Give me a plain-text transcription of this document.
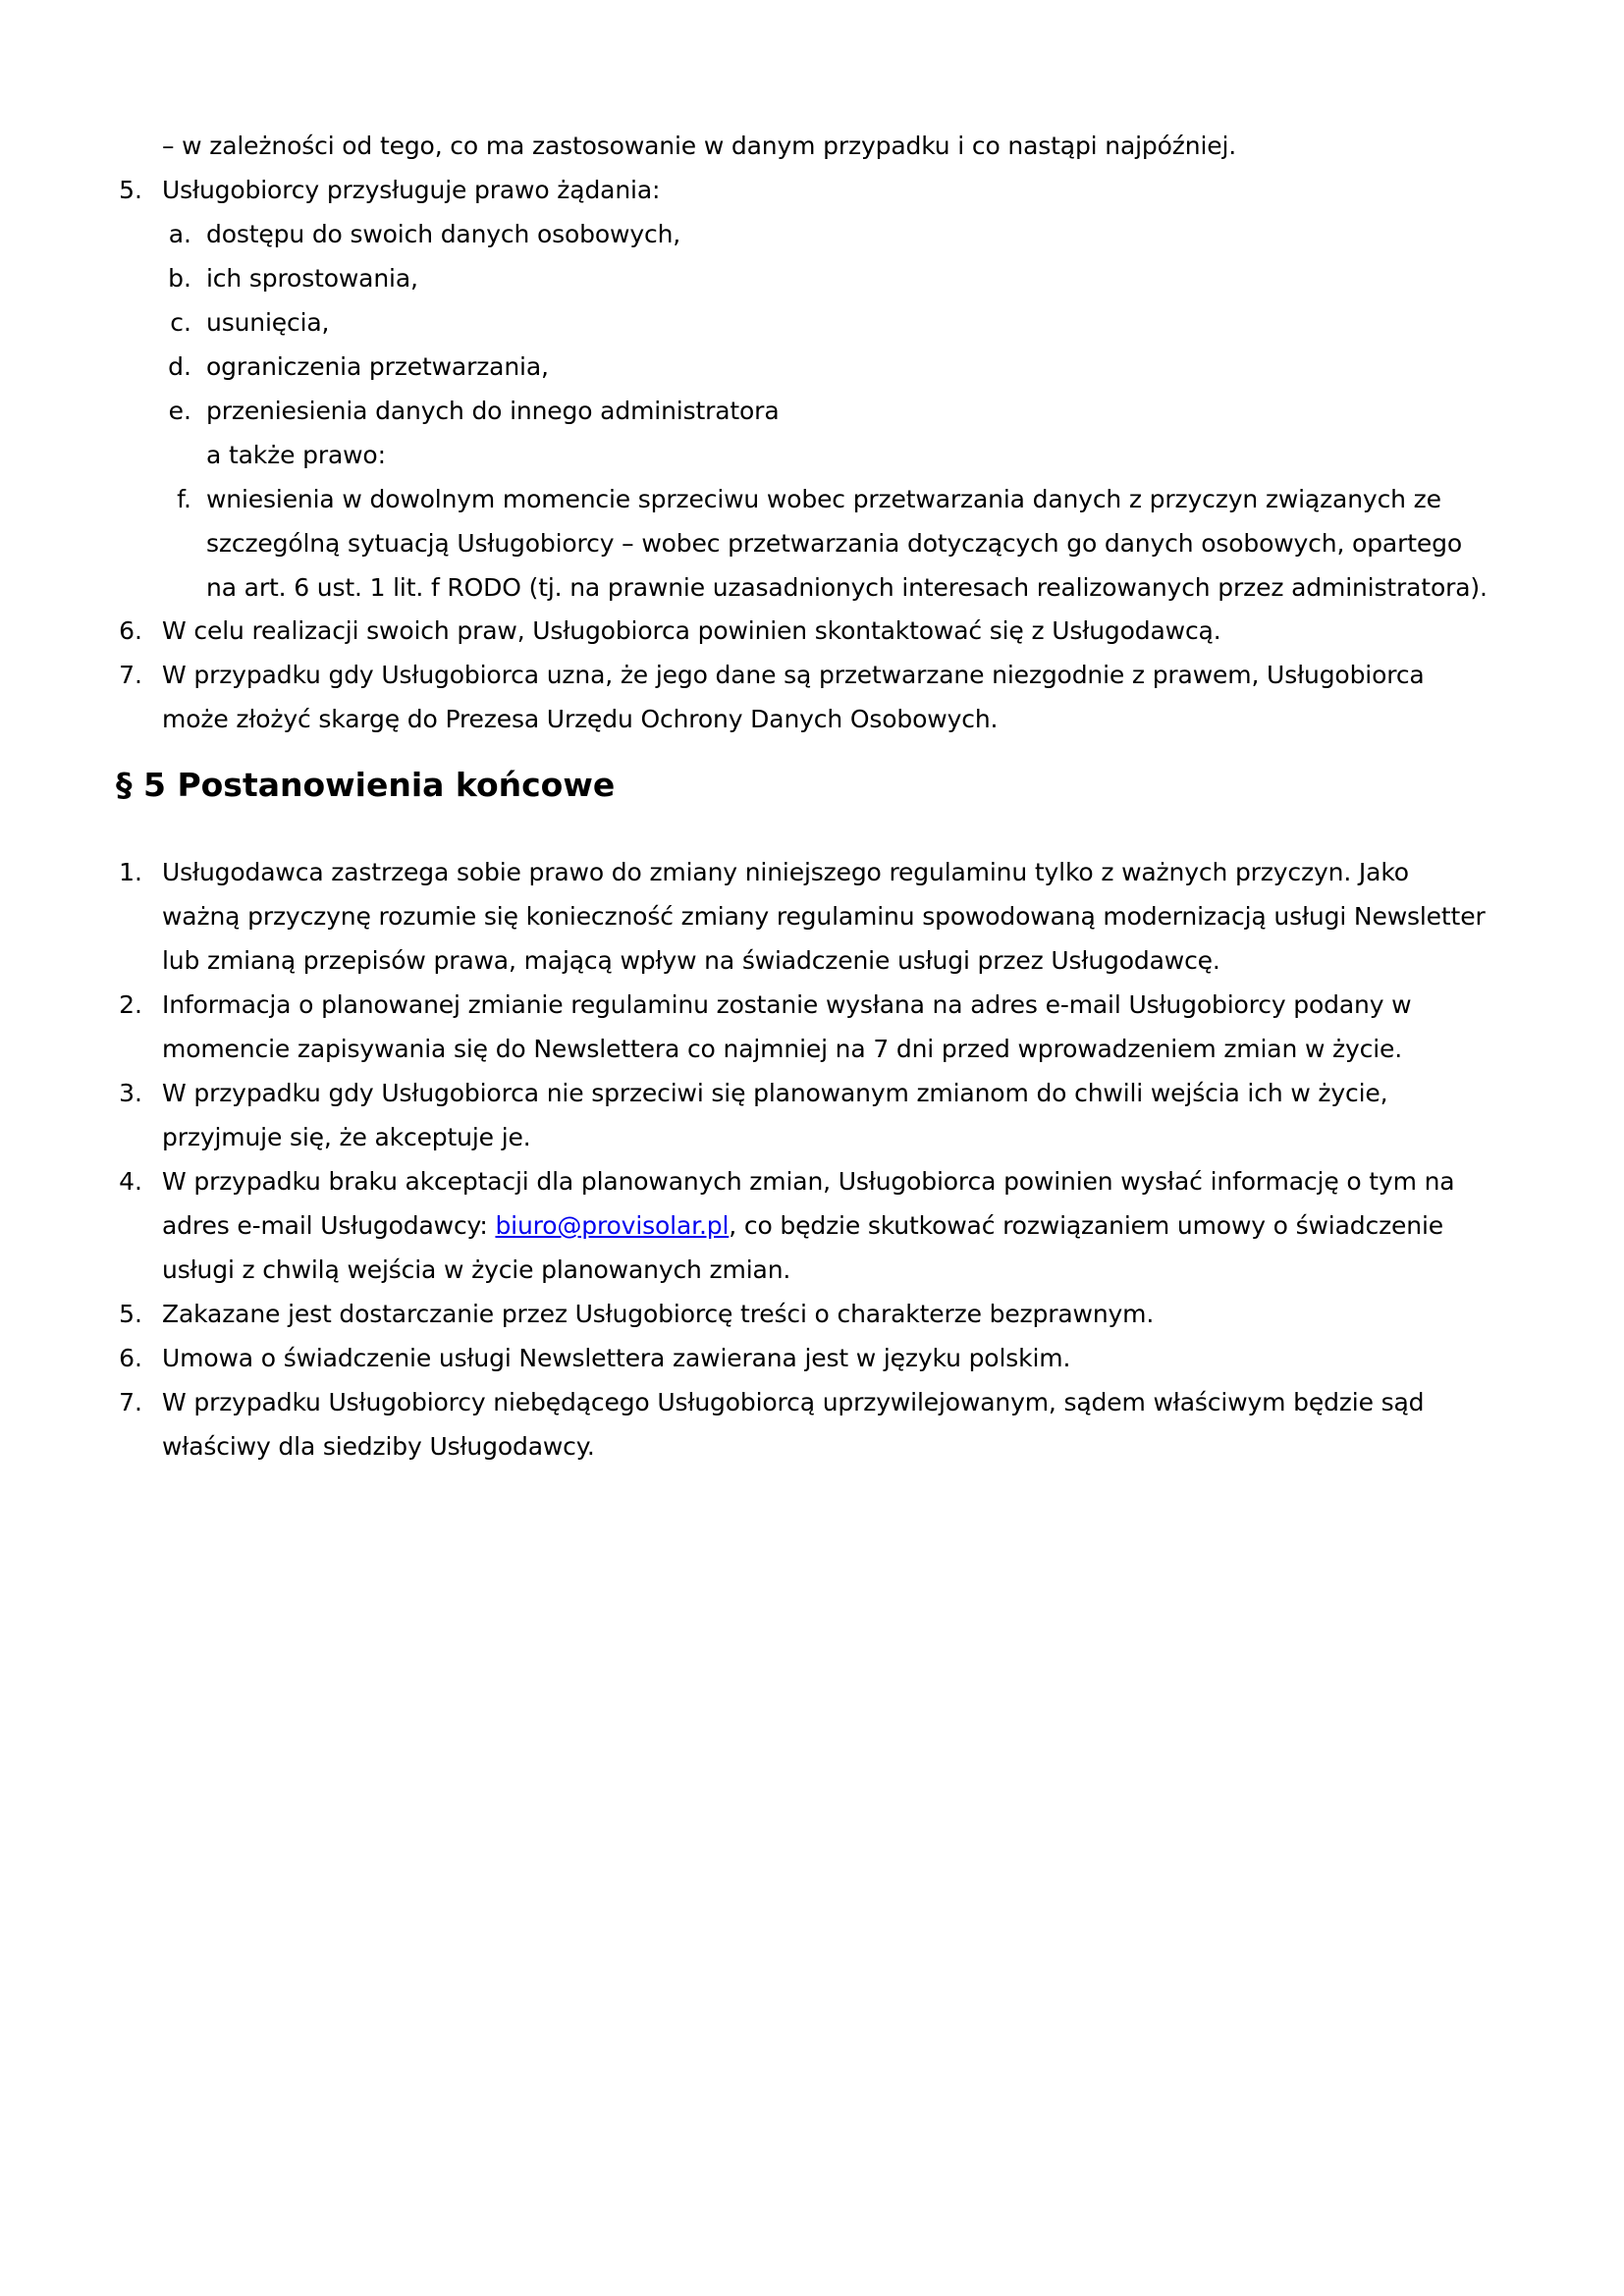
– w zależności od tego, co ma zastosowanie w danym przypadku i co nastąpi najpóźniej.
5. Usługobiorcy przysługuje prawo żądania:
a. dostępu do swoich danych osobowych,
b. ich sprostowania,
c. usunięcia,
d. ograniczenia przetwarzania,
e. przeniesienia danych do innego administratora
a także prawo:
f. wniesienia w dowolnym momencie sprzeciwu wobec przetwarzania danych z przyczyn związanych ze
szczególną sytuacją Usługobiorcy – wobec przetwarzania dotyczących go danych osobowych, opartego
na art. 6 ust. 1 lit. f RODO (tj. na prawnie uzasadnionych interesach realizowanych przez administratora).
6. W celu realizacji swoich praw, Usługobiorca powinien skontaktować się z Usługodawcą.
7. W przypadku gdy Usługobiorca uzna, że jego dane są przetwarzane niezgodnie z prawem, Usługobiorca
może złożyć skargę do Prezesa Urzędu Ochrony Danych Osobowych.
§ 5 Postanowienia końcowe
1. Usługodawca zastrzega sobie prawo do zmiany niniejszego regulaminu tylko z ważnych przyczyn. Jako
ważną przyczynę rozumie się konieczność zmiany regulaminu spowodowaną modernizacją usługi Newsletter
lub zmianą przepisów prawa, mającą wpływ na świadczenie usługi przez Usługodawcę.
2. Informacja o planowanej zmianie regulaminu zostanie wysłana na adres e-mail Usługobiorcy podany w
momencie zapisywania się do Newslettera co najmniej na 7 dni przed wprowadzeniem zmian w życie.
3. W przypadku gdy Usługobiorca nie sprzeciwi się planowanym zmianom do chwili wejścia ich w życie,
przyjmuje się, że akceptuje je.
4. W przypadku braku akceptacji dla planowanych zmian, Usługobiorca powinien wysłać informację o tym na
adres e-mail Usługodawcy: biuro@provisolar.pl, co będzie skutkować rozwiązaniem umowy o świadczenie
usługi z chwilą wejścia w życie planowanych zmian.
5. Zakazane jest dostarczanie przez Usługobiorcę treści o charakterze bezprawnym.
6. Umowa o świadczenie usługi Newslettera zawierana jest w języku polskim.
7. W przypadku Usługobiorcy niebędącego Usługobiorcą uprzywilejowanym, sądem właściwym będzie sąd
właściwy dla siedziby Usługodawcy.
